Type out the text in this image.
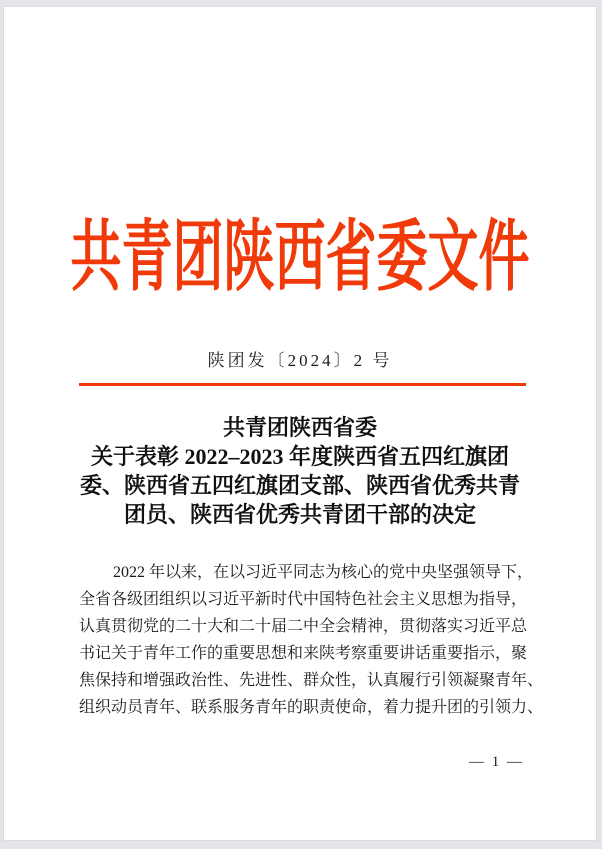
共青团陕西省委文件
陕团发〔2024〕2 号
共青团陕西省委
关于表彰 2022–2023 年度陕西省五四红旗团
委、陕西省五四红旗团支部、陕西省优秀共青
团员、陕西省优秀共青团干部的决定
2022 年以来，在以习近平同志为核心的党中央坚强领导下，
全省各级团组织以习近平新时代中国特色社会主义思想为指导，
认真贯彻党的二十大和二十届二中全会精神，贯彻落实习近平总
书记关于青年工作的重要思想和来陕考察重要讲话重要指示，聚
焦保持和增强政治性、先进性、群众性，认真履行引领凝聚青年、
组织动员青年、联系服务青年的职责使命，着力提升团的引领力、
— 1 —
